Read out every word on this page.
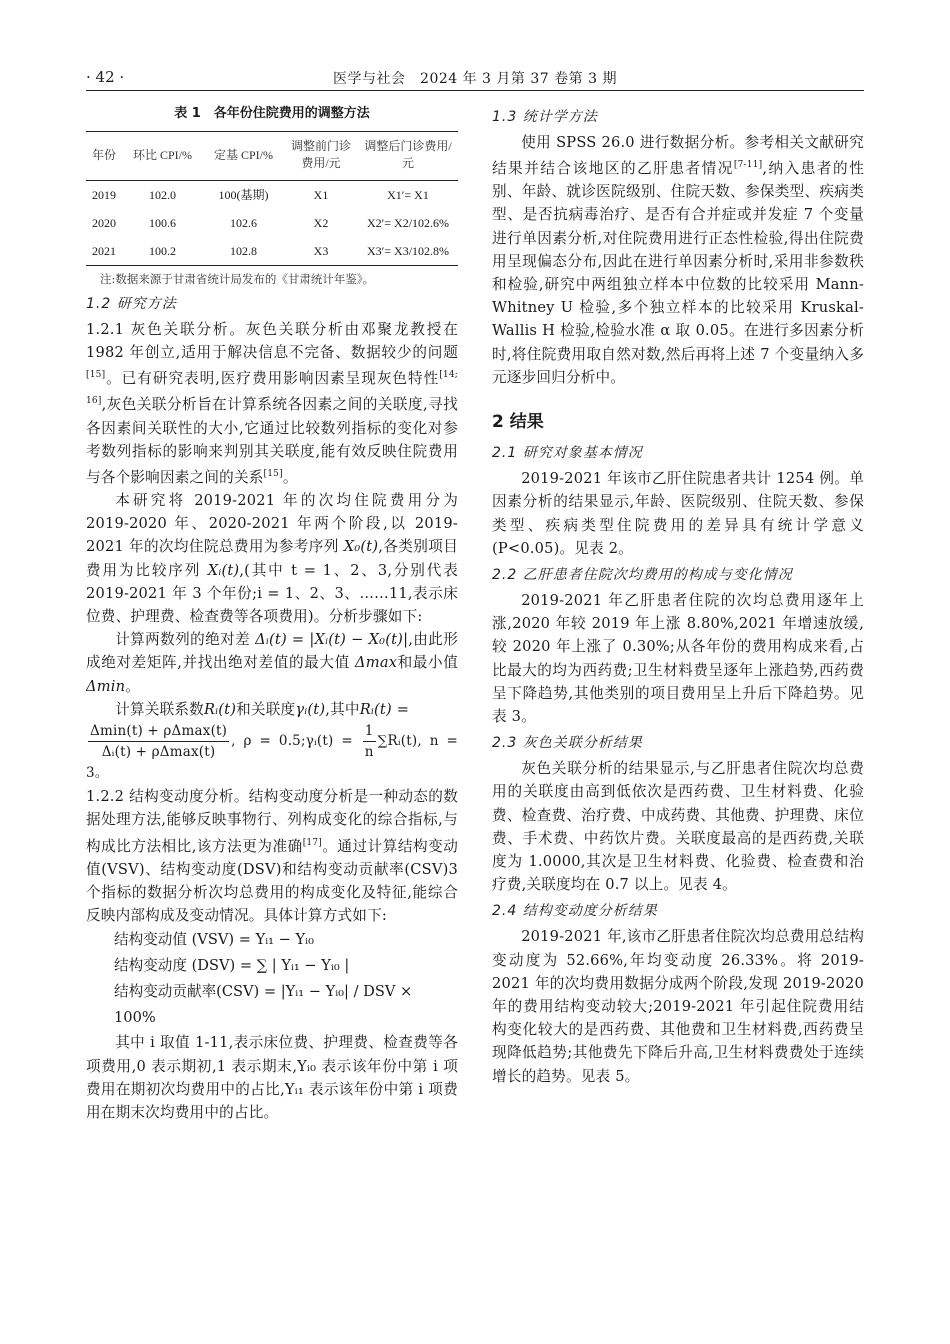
· 42 ·	医学与社会　2024 年 3 月第 37 卷第 3 期
表 1　各年份住院费用的调整方法
年份	环比 CPI/%	定基 CPI/%	调整前门诊费用/元	调整后门诊费用/元
2019	102.0	100(基期)	X1	X1′= X1
2020	100.6	102.6	X2	X2′= X2/102.6%
2021	100.2	102.8	X3	X3′= X3/102.8%
注:数据来源于甘肃省统计局发布的《甘肃统计年鉴》。
1.2 研究方法

1.2.1 灰色关联分析。灰色关联分析由邓聚龙教授在 1982 年创立,适用于解决信息不完备、数据较少的问题[15]。已有研究表明,医疗费用影响因素呈现灰色特性[14; 16],灰色关联分析旨在计算系统各因素之间的关联度,寻找各因素间关联性的大小,它通过比较数列指标的变化对参考数列指标的影响来判别其关联度,能有效反映住院费用与各个影响因素之间的关系[15]。

本研究将 2019-2021 年的次均住院费用分为 2019-2020 年、2020-2021 年两个阶段,以 2019-2021 年的次均住院总费用为参考序列 X₀(t),各类别项目费用为比较序列 Xᵢ(t),(其中 t = 1、2、3,分别代表 2019-2021 年 3 个年份;i = 1、2、3、……11,表示床位费、护理费、检查费等各项费用)。分析步骤如下:

计算两数列的绝对差 Δᵢ(t) = |Xᵢ(t) − X₀(t)|,由此形成绝对差矩阵,并找出绝对差值的最大值 Δmax和最小值 Δmin。

计算关联系数Rᵢ(t)和关联度γᵢ(t),其中Rᵢ(t) =

$\frac{\Delta\min(t) + \rho\Delta\max(t)}{\text{Δᵢ(t) + ρΔmax(t)}}$ , ρ = 0.5;γᵢ(t) = $\frac{1}{n}$ ∑Rᵢ(t), n = 3。

1.2.2 结构变动度分析。结构变动度分析是一种动态的数据处理方法,能够反映事物行、列构成变化的综合指标,与构成比方法相比,该方法更为准确[17]。通过计算结构变动值(VSV)、结构变动度(DSV)和结构变动贡献率(CSV)3 个指标的数据分析次均总费用的构成变化及特征,能综合反映内部构成及变动情况。具体计算方式如下:

结构变动值 (VSV) = Yᵢ₁ − Yᵢ₀

结构变动度 (DSV) = ∑ | Yᵢ₁ − Yᵢ₀ |

结构变动贡献率(CSV) = |Yᵢ₁ − Yᵢ₀| / DSV × 100%

其中 i 取值 1-11,表示床位费、护理费、检查费等各项费用,0 表示期初,1 表示期末,Yᵢ₀ 表示该年份中第 i 项费用在期初次均费用中的占比,Yᵢ₁ 表示该年份中第 i 项费用在期末次均费用中的占比。

1.3 统计学方法

使用 SPSS 26.0 进行数据分析。参考相关文献研究结果并结合该地区的乙肝患者情况[7-11],纳入患者的性别、年龄、就诊医院级别、住院天数、参保类型、疾病类型、是否抗病毒治疗、是否有合并症或并发症 7 个变量进行单因素分析,对住院费用进行正态性检验,得出住院费用呈现偏态分布,因此在进行单因素分析时,采用非参数秩和检验,研究中两组独立样本中位数的比较采用 Mann-Whitney U 检验,多个独立样本的比较采用 Kruskal-Wallis H 检验,检验水准 α 取 0.05。在进行多因素分析时,将住院费用取自然对数,然后再将上述 7 个变量纳入多元逐步回归分析中。

2 结果
2.1 研究对象基本情况

2019-2021 年该市乙肝住院患者共计 1254 例。单因素分析的结果显示,年龄、医院级别、住院天数、参保类型、疾病类型住院费用的差异具有统计学意义(P<0.05)。见表 2。

2.2 乙肝患者住院次均费用的构成与变化情况

2019-2021 年乙肝患者住院的次均总费用逐年上涨,2020 年较 2019 年上涨 8.80%,2021 年增速放缓,较 2020 年上涨了 0.30%;从各年份的费用构成来看,占比最大的均为西药费;卫生材料费呈逐年上涨趋势,西药费呈下降趋势,其他类别的项目费用呈上升后下降趋势。见表 3。

2.3 灰色关联分析结果

灰色关联分析的结果显示,与乙肝患者住院次均总费用的关联度由高到低依次是西药费、卫生材料费、化验费、检查费、治疗费、中成药费、其他费、护理费、床位费、手术费、中药饮片费。关联度最高的是西药费,关联度为 1.0000,其次是卫生材料费、化验费、检查费和治疗费,关联度均在 0.7 以上。见表 4。

2.4 结构变动度分析结果

2019-2021 年,该市乙肝患者住院次均总费用总结构变动度为 52.66%,年均变动度 26.33%。将 2019-2021 年的次均费用数据分成两个阶段,发现 2019-2020 年的费用结构变动较大;2019-2021 年引起住院费用结构变化较大的是西药费、其他费和卫生材料费,西药费呈现降低趋势;其他费先下降后升高,卫生材料费费处于连续增长的趋势。见表 5。
